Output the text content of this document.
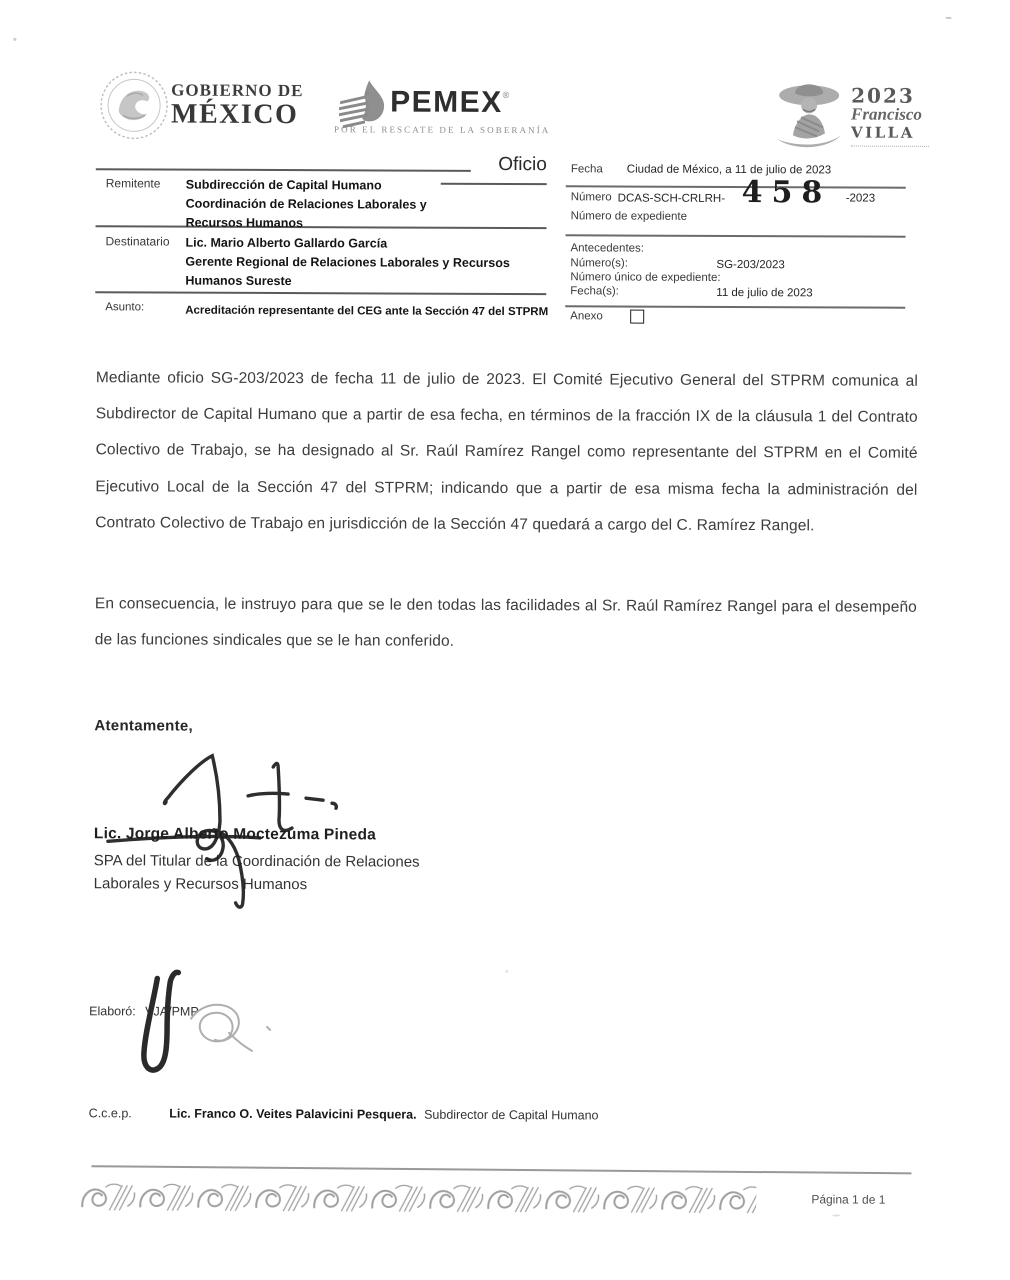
GOBIERNO DE
MÉXICO	PEMEX®
POR EL RESCATE DE LA SOBERANÍA
2023
Francisco
VILLA
Oficio
Remitente Subdirección de Capital Humano
Coordinación de Relaciones Laborales y
Recursos Humanos
Destinatario Lic. Mario Alberto Gallardo García
Gerente Regional de Relaciones Laborales y Recursos
Humanos Sureste
Asunto:	Acreditación representante del CEG ante la Sección 47 del STPRM
Fecha Ciudad de México, a 11 de julio de 2023
Número DCAS-SCH-CRLRH- 458 -2023
Número de expediente
Antecedentes:
Número(s):	SG-203/2023
Número único de expediente:
Fecha(s):	11 de julio de 2023
Anexo
Mediante oficio SG-203/2023 de fecha 11 de julio de 2023. El Comité Ejecutivo General del STPRM comunica al Subdirector de Capital Humano que a partir de esa fecha, en términos de la fracción IX de la cláusula 1 del Contrato Colectivo de Trabajo, se ha designado al Sr. Raúl Ramírez Rangel como representante del STPRM en el Comité Ejecutivo Local de la Sección 47 del STPRM; indicando que a partir de esa misma fecha la administración del Contrato Colectivo de Trabajo en jurisdicción de la Sección 47 quedará a cargo del C. Ramírez Rangel.
En consecuencia, le instruyo para que se le den todas las facilidades al Sr. Raúl Ramírez Rangel para el desempeño de las funciones sindicales que se le han conferido.
Atentamente,
Lic. Jorge Alberto Moctezuma Pineda
SPA del Titular de la Coordinación de Relaciones
Laborales y Recursos Humanos
Elaboró: VJA/PMP
C.c.e.p.	Lic. Franco O. Veites Palavicini Pesquera. Subdirector de Capital Humano
Página 1 de 1
